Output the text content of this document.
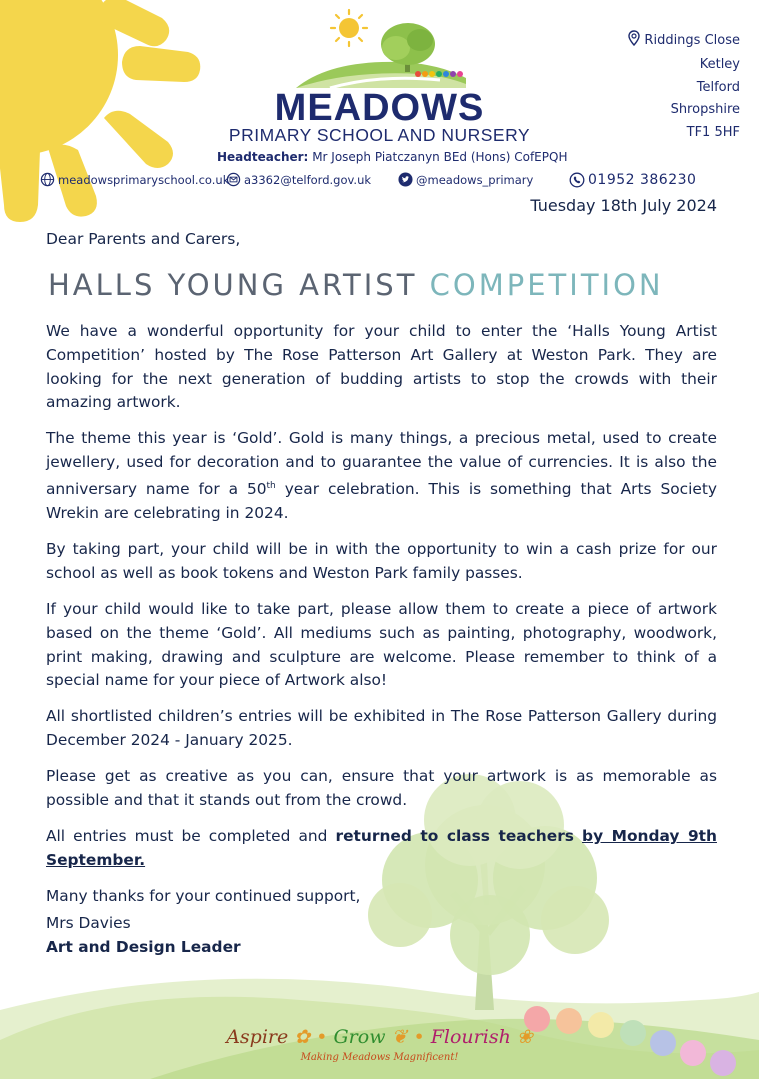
MEADOWS
PRIMARY SCHOOL AND NURSERY
Headteacher: Mr Joseph Piatczanyn BEd (Hons) CofEPQH
Riddings Close
Ketley
Telford
Shropshire
TF1 5HF
meadowsprimaryschool.co.uk a3362@telford.gov.uk	@meadows_primary	01952 386230
Tuesday 18th July 2024
Dear Parents and Carers,
HALLS YOUNG ARTIST COMPETITION

We have a wonderful opportunity for your child to enter the ‘Halls Young Artist Competition’ hosted by The Rose Patterson Art Gallery at Weston Park. They are looking for the next generation of budding artists to stop the crowds with their amazing artwork.

The theme this year is ‘Gold’. Gold is many things, a precious metal, used to create jewellery, used for decoration and to guarantee the value of currencies. It is also the anniversary name for a 50th year celebration. This is something that Arts Society Wrekin are celebrating in 2024.

By taking part, your child will be in with the opportunity to win a cash prize for our school as well as book tokens and Weston Park family passes.

If your child would like to take part, please allow them to create a piece of artwork based on the theme ‘Gold’. All mediums such as painting, photography, woodwork, print making, drawing and sculpture are welcome. Please remember to think of a special name for your piece of Artwork also!

All shortlisted children’s entries will be exhibited in The Rose Patterson Gallery during December 2024 - January 2025.

Please get as creative as you can, ensure that your artwork is as memorable as possible and that it stands out from the crowd.

All entries must be completed and returned to class teachers by Monday 9th September.

Many thanks for your continued support,

Mrs Davies
Art and Design Leader
Aspire ✿ • Grow ❦ • Flourish ❀
Making Meadows Magnificent!
